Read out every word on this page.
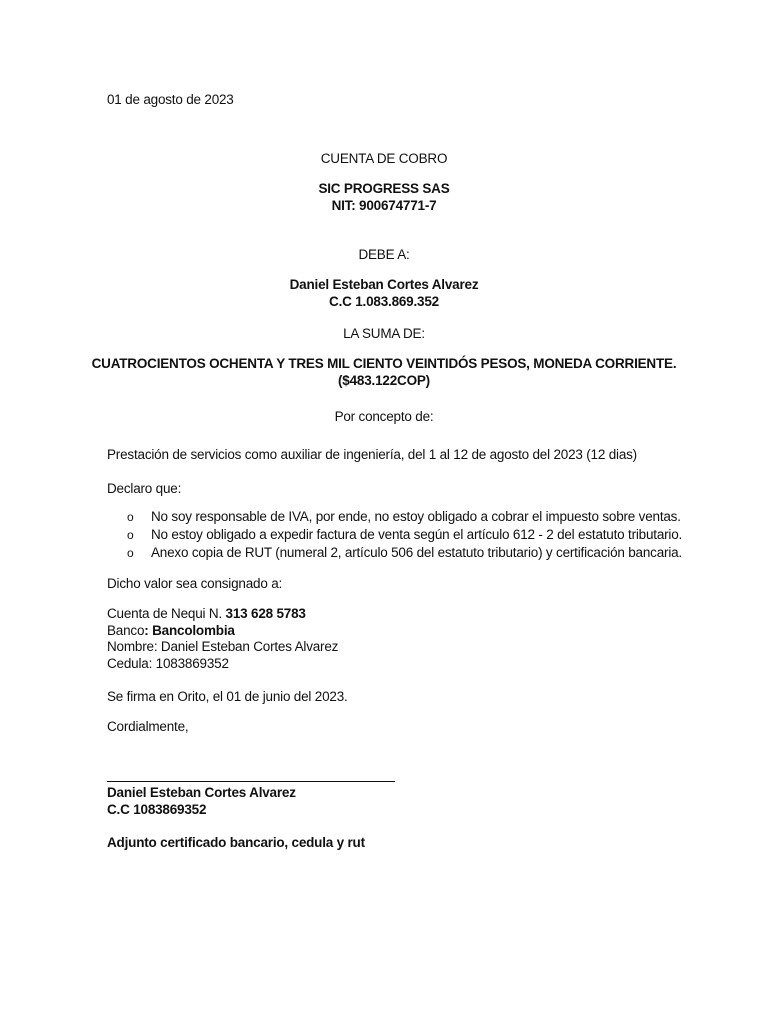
01 de agosto de 2023
CUENTA DE COBRO
SIC PROGRESS SAS
NIT: 900674771-7
DEBE A:
Daniel Esteban Cortes Alvarez
C.C 1.083.869.352
LA SUMA DE:
CUATROCIENTOS OCHENTA Y TRES MIL CIENTO VEINTIDÓS PESOS, MONEDA CORRIENTE.
($483.122COP)
Por concepto de:
Prestación de servicios como auxiliar de ingeniería, del 1 al 12 de agosto del 2023 (12 dias)
Declaro que:
o No soy responsable de IVA, por ende, no estoy obligado a cobrar el impuesto sobre ventas.
o No estoy obligado a expedir factura de venta según el artículo 612 - 2 del estatuto tributario.
o Anexo copia de RUT (numeral 2, artículo 506 del estatuto tributario) y certificación bancaria.
Dicho valor sea consignado a:
Cuenta de Nequi N. 313 628 5783
Banco: Bancolombia
Nombre: Daniel Esteban Cortes Alvarez
Cedula: 1083869352
Se firma en Orito, el 01 de junio del 2023.
Cordialmente,
Daniel Esteban Cortes Alvarez
C.C 1083869352
Adjunto certificado bancario, cedula y rut
